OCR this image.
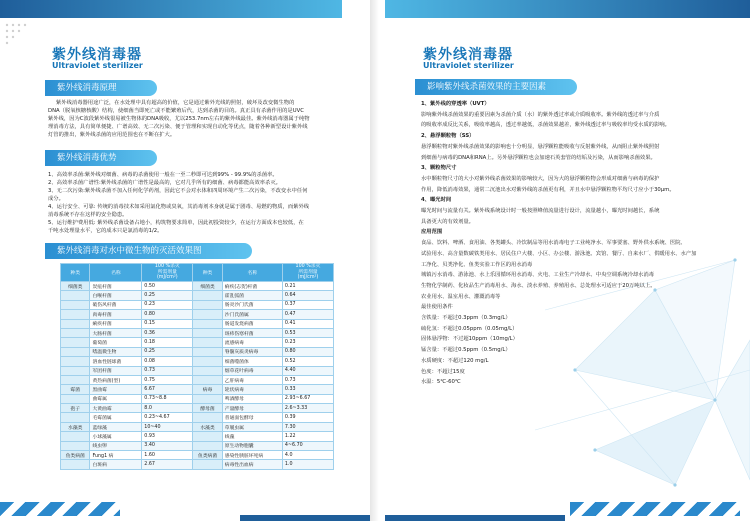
紫外线消毒器
Ultraviolet sterilizer
紫外线消毒原理
紫外线消毒器用途广泛，在水处理中具有超高的价值，它是通过紫外光线的照射，破坏及改变微生物的
DNA（脱氧核糖核酸）结构，使细菌当即死亡或不能繁殖后代，达到杀菌的目的。真正具有杀菌作用的是UVC
紫外线，因为C波段紫外线很易被生物体的DNA吸收，尤以253.7nm左右的紫外线最佳。紫外线消毒器属于纯物
理消毒方法，具有简单便捷、广谱高效、无二次污染、便于管理和实现自动化等优点，随着各种新型设计紫外线
灯管的推出，紫外线杀菌的应用范围也在不断在扩大。
紫外线消毒优势
1、高效率杀菌:紫外线对细菌、病毒的杀菌使用一般在一至二秒即可达到99% - 99.9%的杀菌率。
2、高效率杀菌广谱性:紫外线杀菌的广谱性是最高的，它对几乎所有的细菌、病毒都能高效率杀灭。
3、无二次污染:紫外线杀菌不加入任何化学药剂，因此它不会对水体和四周环境产生二次污染，不改变水中任何
成分。
4、运行安全、可靠: 传统的消毒技术如采用氯化物或臭氧，其消毒剂本身就是属于剧毒、易燃的物质，而紫外线
消毒系统不存在这样的安全隐患。
5、运行维护费用低: 紫外线杀菌设备占地小，构筑物要求简单，因此初投资较少，在运行方面成本也较低，在
千吨水处理量水平，它的成本只是氯消毒的1/2。
紫外线消毒对水中微生物的灭活效果图
种类	名称	100 %杀灭
所需剂量
(mJ/cm²)	种类	名称	100 %杀灭
所需剂量
(mJ/cm²)
细菌类	炭疽杆菌	0.50	细菌类	痢疾(志贺)杆菌	0.21
	白喉杆菌	0.25		霍乱弧菌	0.64
	破伤风杆菌	0.23		肠炎沙门氏菌	0.37
	肉毒杆菌	0.80		沙门氏菌属	0.47
	痢疾杆菌	0.15		肠道发烧病菌	0.41
	大肠杆菌	0.36		斑疹伤寒杆菌	0.53
	葡萄菌	0.18		流感病毒	0.23
	嗜温微生物	0.25		脊髓灰质炎病毒	0.80
	溶血性链球菌	0.08		细菌噬菌体	0.52
	军团杆菌	0.73		烟草花叶病毒	4.40
	黄热病菌(型)	0.75		乙肝病毒	0.73
霉菌	黑曲霉	6.67	病毒	轮状病毒	0.33
	曲霉属	0.73~8.8		啤酒酵母	2.93~6.67
孢子	大黄曲霉	8.0	酵母菌	产量酵母	2.6~3.33
	毛霉菌属	0.23~4.67		普通面包酵母	0.39
水藻类	蓝绿藻	10~40	水藻类	草履虫属	7.30
	小球藻属	0.93		线藻	1.22
	线虫卵	3.40		原生动物胞囊	4~6.70
鱼类病菌	Fung1 病	1.60	鱼类病菌	感染性胰脏坏死病	4.0
	白斑病	2.67		病毒性出血病	1.0
紫外线消毒器
Ultraviolet sterilizer
影响紫外线杀菌效果的主要因素
1、紫外线的穿透率（UVT）
影响紫外线杀菌效果的重要因素为杀菌介质（水）的紫外透过率或介质吸收率。紫外线的透过率与介质
的吸收率成反比关系，吸收率越高，透过率越低，杀菌效果越差，紫外线透过率与吸收率均受水质的影响。
2、悬浮颗粒物（SS）
悬浮颗粒物对紫外线杀菌效果的影响也十分明显，悬浮颗粒能吸收与反射紫外线，从而阻止紫外线照射
到细菌与病毒的DNA和RNA上。另外悬浮颗粒也会加速石英套管的结垢及污染，从而影响杀菌效果。
3、颗粒物尺寸
水中颗粒物尺寸的大小对紫外线杀菌效果的影响较大，因为大的悬浮颗粒物会形成对细菌与病毒的保护
作用，降低消毒效果，通常二沉池出水对紫外线的杀菌更有利，并且水中悬浮颗粒物平均尺寸应小于30μm。
4、曝光时间
曝光时间与流量有关。紫外线系统设计时一般按照峰值流量进行设计，流量越小，曝光时间越长，系统
具备更大的有效剂量。
应用范围
食品、饮料、啤酒、食用油、各类罐头、冷饮制品等用水消毒电子工业纯净水、军事要塞、野外供水系统、医院、
试验用水、高含量数碳铁类用水、居民住户大楼、小区、办公楼、游泳池、宾馆、餐厅、自来水厂、供暖用水、水产加
工净化、贝类净化、鱼类实验工作区的用水消毒
城镇污水消毒、游泳池、水上乐园循环用水消毒、火电、工业生产冷却水、中央空调系统冷却水消毒
生物化学制药、化妆品生产消毒用水、海水、淡水养殖、养殖用水、总处理水可适应于20万吨以上。
农业用水、温室用水、灌溉消毒等
最佳使用条件
含铁量：不超过0.3ppm（0.3mg/L）
硫化氢：不超过0.05ppm（0.05mg/L）
固体悬浮物：不过超10ppm（10mg/L）
锰含量：不超过0.5ppm（0.5mg/L）
水质硬度：不超过120 mg/L
色度：不超过15度
水温：5℃-60℃
